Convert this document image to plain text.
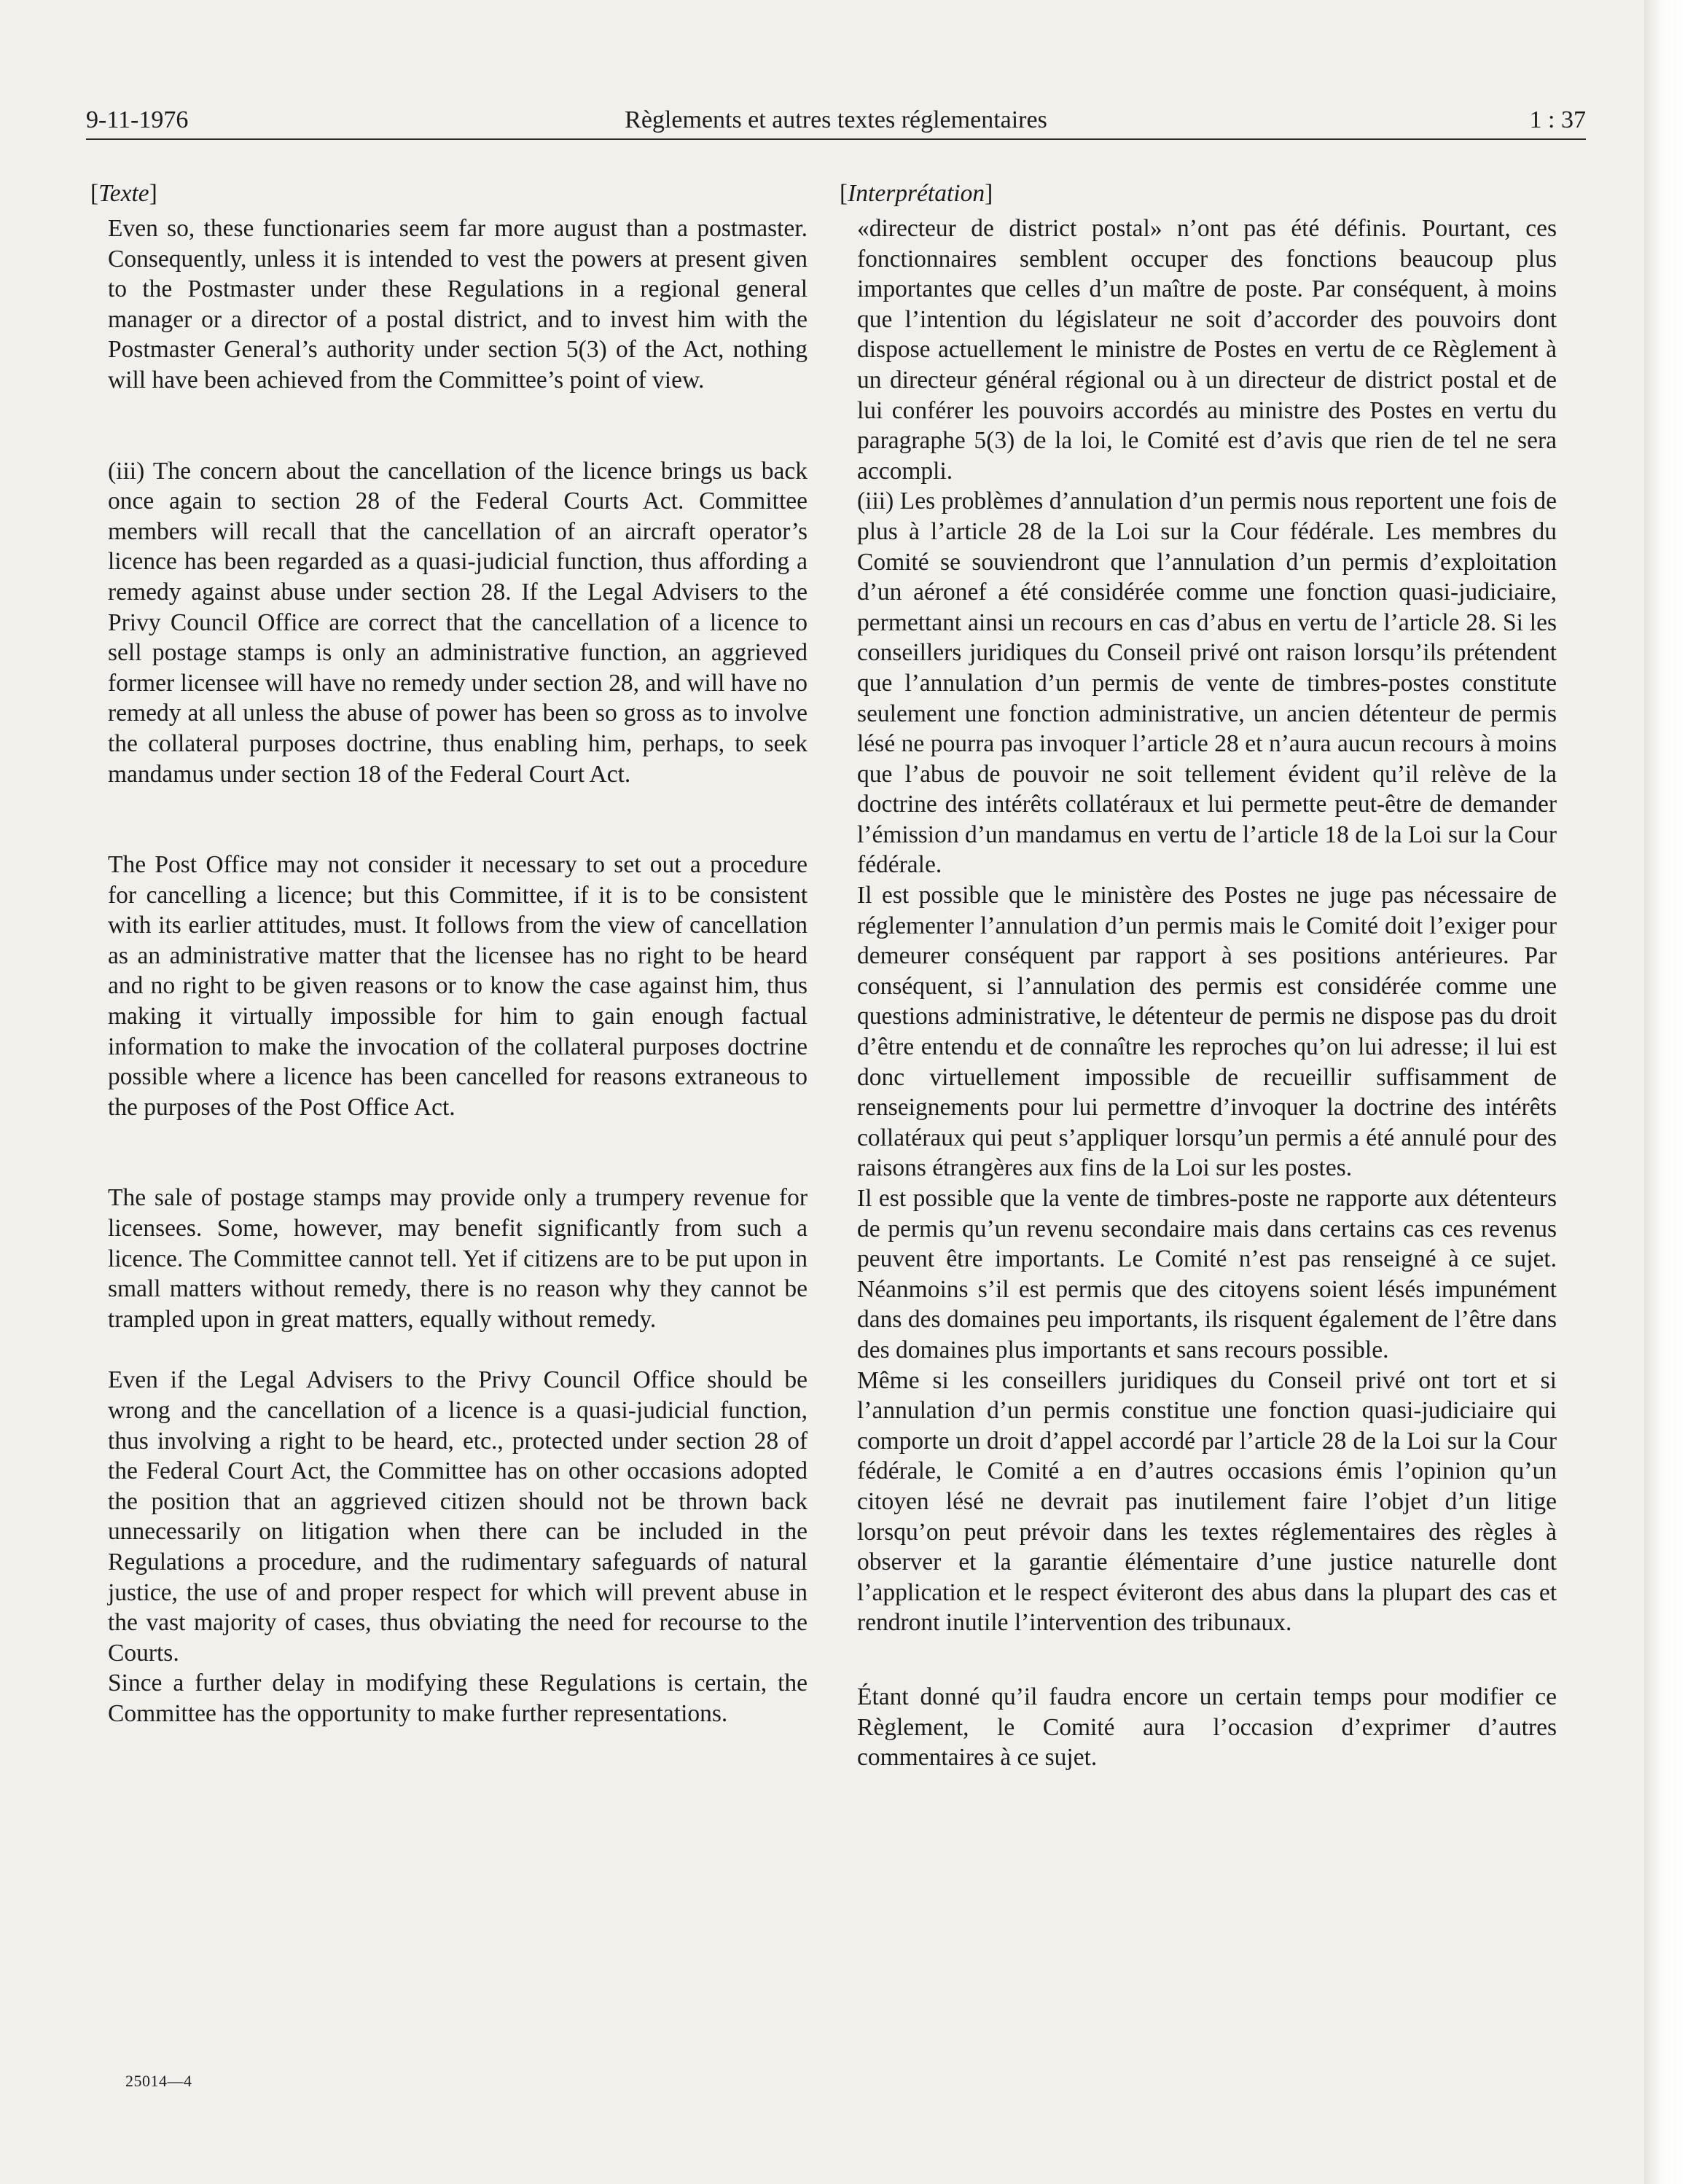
9-11-1976	Règlements et autres textes réglementaires	1 : 37
[Texte]

Even so, these functionaries seem far more august than a postmaster. Consequently, unless it is intended to vest the powers at present given to the Postmaster under these Regulations in a regional general manager or a director of a postal district, and to invest him with the Postmaster General’s authority under section 5(3) of the Act, nothing will have been achieved from the Committee’s point of view.

(iii) The concern about the cancellation of the licence brings us back once again to section 28 of the Federal Courts Act. Committee members will recall that the cancellation of an aircraft operator’s licence has been regarded as a quasi-judicial function, thus affording a remedy against abuse under section 28. If the Legal Advisers to the Privy Council Office are correct that the cancellation of a licence to sell postage stamps is only an administrative function, an aggrieved former licensee will have no remedy under section 28, and will have no remedy at all unless the abuse of power has been so gross as to involve the collateral purposes doctrine, thus enabling him, perhaps, to seek mandamus under section 18 of the Federal Court Act.

The Post Office may not consider it necessary to set out a procedure for cancelling a licence; but this Committee, if it is to be consistent with its earlier attitudes, must. It follows from the view of cancellation as an administrative matter that the licensee has no right to be heard and no right to be given reasons or to know the case against him, thus making it virtually impossible for him to gain enough factual information to make the invocation of the collateral purposes doctrine possible where a licence has been cancelled for reasons extraneous to the purposes of the Post Office Act.

The sale of postage stamps may provide only a trumpery revenue for licensees. Some, however, may benefit significantly from such a licence. The Committee cannot tell. Yet if citizens are to be put upon in small matters without remedy, there is no reason why they cannot be trampled upon in great matters, equally without remedy.

Even if the Legal Advisers to the Privy Council Office should be wrong and the cancellation of a licence is a quasi-judicial function, thus involving a right to be heard, etc., protected under section 28 of the Federal Court Act, the Committee has on other occasions adopted the position that an aggrieved citizen should not be thrown back unnecessarily on litigation when there can be included in the Regulations a procedure, and the rudimentary safeguards of natural justice, the use of and proper respect for which will prevent abuse in the vast majority of cases, thus obviating the need for recourse to the Courts.

Since a further delay in modifying these Regulations is certain, the Committee has the opportunity to make further representations.

[Interprétation]

«directeur de district postal» n’ont pas été définis. Pourtant, ces fonctionnaires semblent occuper des fonctions beaucoup plus importantes que celles d’un maître de poste. Par conséquent, à moins que l’intention du législateur ne soit d’accorder des pouvoirs dont dispose actuellement le ministre de Postes en vertu de ce Règlement à un directeur général régional ou à un directeur de district postal et de lui conférer les pouvoirs accordés au ministre des Postes en vertu du paragraphe 5(3) de la loi, le Comité est d’avis que rien de tel ne sera accompli.

(iii) Les problèmes d’annulation d’un permis nous reportent une fois de plus à l’article 28 de la Loi sur la Cour fédérale. Les membres du Comité se souviendront que l’annulation d’un permis d’exploitation d’un aéronef a été considérée comme une fonction quasi-judiciaire, permettant ainsi un recours en cas d’abus en vertu de l’article 28. Si les conseillers juridiques du Conseil privé ont raison lorsqu’ils prétendent que l’annulation d’un permis de vente de timbres-postes constitute seulement une fonction administrative, un ancien détenteur de permis lésé ne pourra pas invoquer l’article 28 et n’aura aucun recours à moins que l’abus de pouvoir ne soit tellement évident qu’il relève de la doctrine des intérêts collatéraux et lui permette peut-être de demander l’émission d’un mandamus en vertu de l’article 18 de la Loi sur la Cour fédérale.

Il est possible que le ministère des Postes ne juge pas nécessaire de réglementer l’annulation d’un permis mais le Comité doit l’exiger pour demeurer conséquent par rapport à ses positions antérieures. Par conséquent, si l’annulation des permis est considérée comme une questions administrative, le détenteur de permis ne dispose pas du droit d’être entendu et de connaître les reproches qu’on lui adresse; il lui est donc virtuellement impossible de recueillir suffisamment de renseignements pour lui permettre d’invoquer la doctrine des intérêts collatéraux qui peut s’appliquer lorsqu’un permis a été annulé pour des raisons étrangères aux fins de la Loi sur les postes.

Il est possible que la vente de timbres-poste ne rapporte aux détenteurs de permis qu’un revenu secondaire mais dans certains cas ces revenus peuvent être importants. Le Comité n’est pas renseigné à ce sujet. Néanmoins s’il est permis que des citoyens soient lésés impunément dans des domaines peu importants, ils risquent également de l’être dans des domaines plus importants et sans recours possible.

Même si les conseillers juridiques du Conseil privé ont tort et si l’annulation d’un permis constitue une fonction quasi-judiciaire qui comporte un droit d’appel accordé par l’article 28 de la Loi sur la Cour fédérale, le Comité a en d’autres occasions émis l’opinion qu’un citoyen lésé ne devrait pas inutilement faire l’objet d’un litige lorsqu’on peut prévoir dans les textes réglementaires des règles à observer et la garantie élémentaire d’une justice naturelle dont l’application et le respect éviteront des abus dans la plupart des cas et rendront inutile l’intervention des tribunaux.

Étant donné qu’il faudra encore un certain temps pour modifier ce Règlement, le Comité aura l’occasion d’exprimer d’autres commentaires à ce sujet.

25014—4
